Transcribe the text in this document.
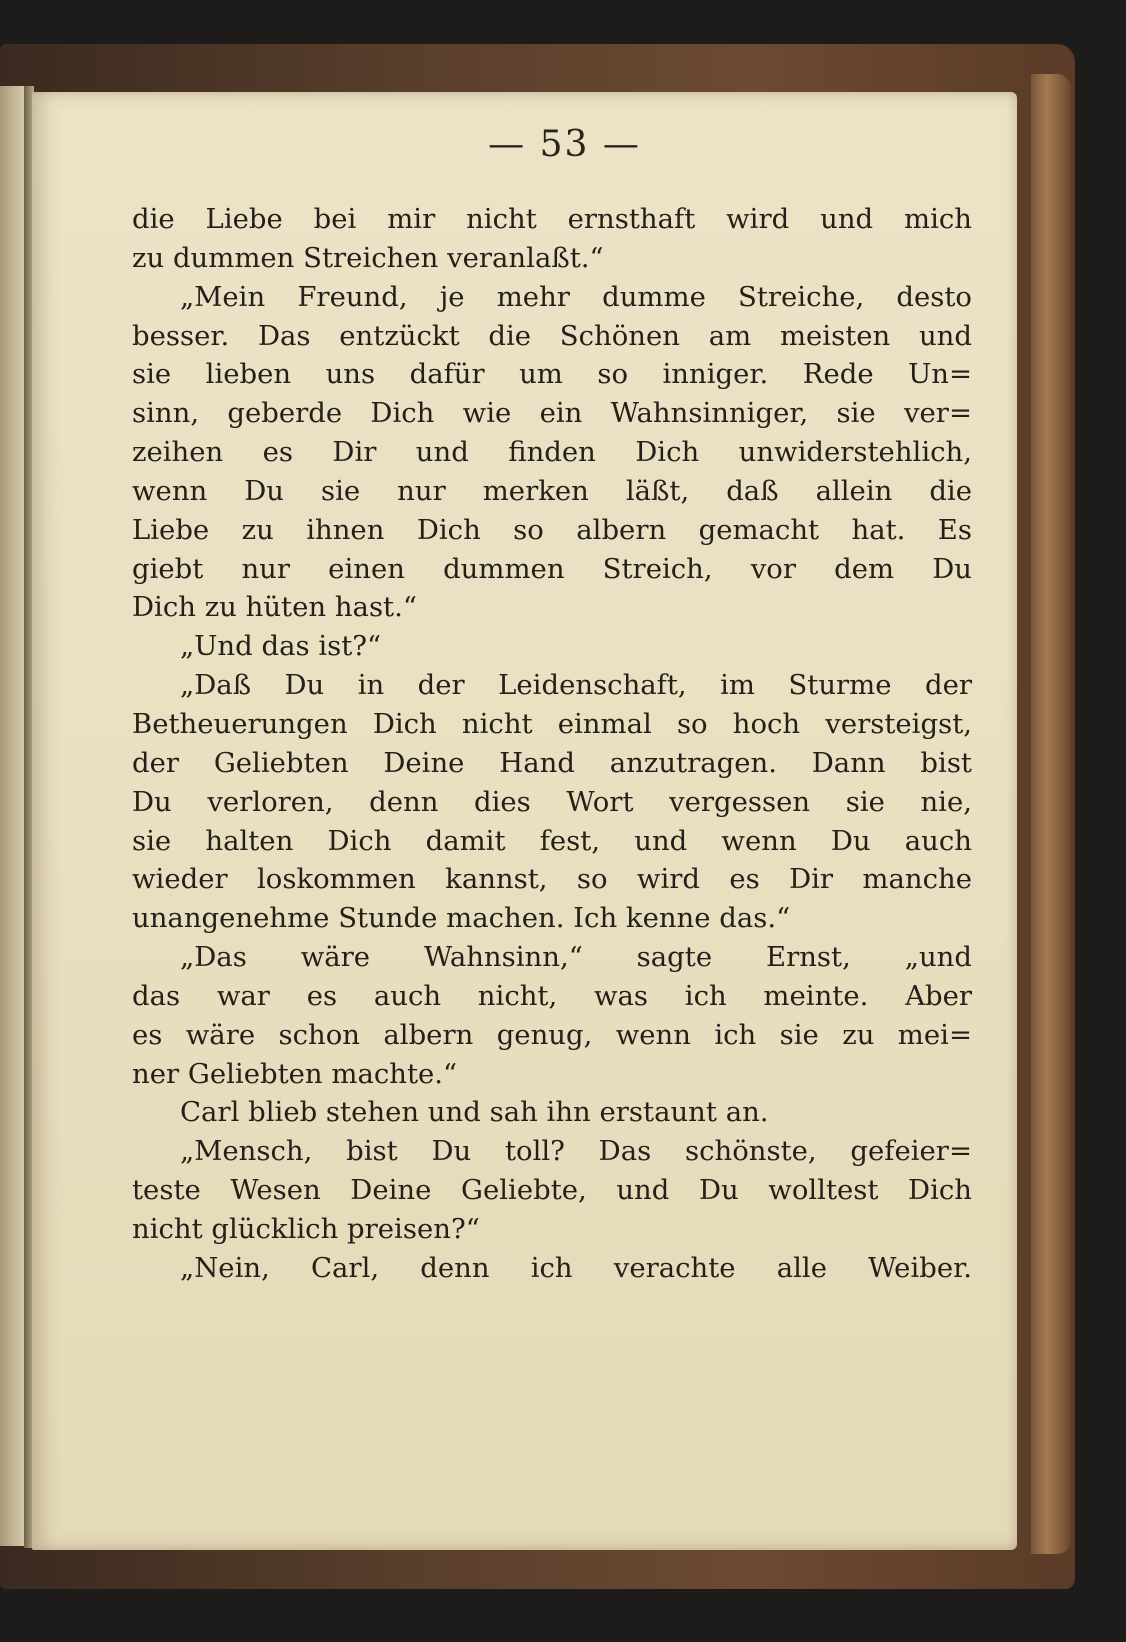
— 53 —
die Liebe bei mir nicht ernsthaft wird und mich
zu dummen Streichen veranlaßt.“
„Mein Freund, je mehr dumme Streiche, desto
besser. Das entzückt die Schönen am meisten und
sie lieben uns dafür um so inniger. Rede Un=
sinn, geberde Dich wie ein Wahnsinniger, sie ver=
zeihen es Dir und finden Dich unwiderstehlich,
wenn Du sie nur merken läßt, daß allein die
Liebe zu ihnen Dich so albern gemacht hat. Es
giebt nur einen dummen Streich, vor dem Du
Dich zu hüten hast.“
„Und das ist?“
„Daß Du in der Leidenschaft, im Sturme der
Betheuerungen Dich nicht einmal so hoch versteigst,
der Geliebten Deine Hand anzutragen. Dann bist
Du verloren, denn dies Wort vergessen sie nie,
sie halten Dich damit fest, und wenn Du auch
wieder loskommen kannst, so wird es Dir manche
unangenehme Stunde machen. Ich kenne das.“
„Das wäre Wahnsinn,“ sagte Ernst, „und
das war es auch nicht, was ich meinte. Aber
es wäre schon albern genug, wenn ich sie zu mei=
ner Geliebten machte.“
Carl blieb stehen und sah ihn erstaunt an.
„Mensch, bist Du toll? Das schönste, gefeier=
teste Wesen Deine Geliebte, und Du wolltest Dich
nicht glücklich preisen?“
„Nein, Carl, denn ich verachte alle Weiber.
